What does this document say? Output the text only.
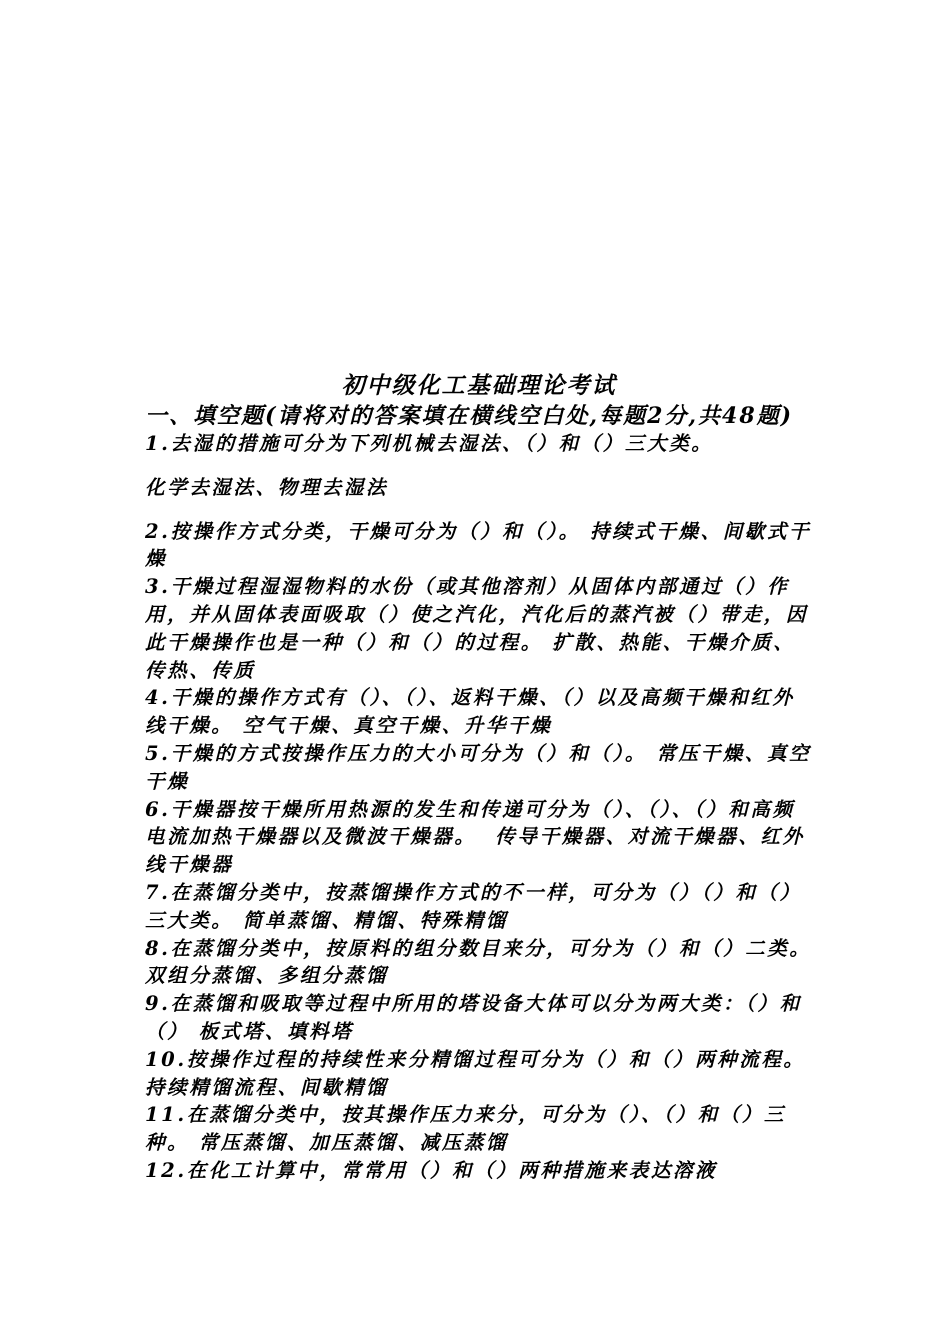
初中级化工基础理论考试

一、填空题(请将对的答案填在横线空白处,每题2分,共48题)

1.去湿的措施可分为下列机械去湿法、（）和（）三大类。

化学去湿法、物理去湿法

2.按操作方式分类，干燥可分为（）和（）。 持续式干燥、间歇式干燥

3.干燥过程湿湿物料的水份（或其他溶剂）从固体内部通过（）作用，并从固体表面吸取（）使之汽化，汽化后的蒸汽被（）带走，因此干燥操作也是一种（）和（）的过程。 扩散、热能、干燥介质、传热、传质

4.干燥的操作方式有（）、（）、返料干燥、（）以及高频干燥和红外线干燥。 空气干燥、真空干燥、升华干燥

5.干燥的方式按操作压力的大小可分为（）和（）。 常压干燥、真空干燥

6.干燥器按干燥所用热源的发生和传递可分为（）、（）、（）和高频电流加热干燥器以及微波干燥器。  传导干燥器、对流干燥器、红外线干燥器

7.在蒸馏分类中，按蒸馏操作方式的不一样，可分为（）（）和（）三大类。 简单蒸馏、精馏、特殊精馏

8.在蒸馏分类中，按原料的组分数目来分，可分为（）和（）二类。 双组分蒸馏、多组分蒸馏

9.在蒸馏和吸取等过程中所用的塔设备大体可以分为两大类：（）和（） 板式塔、填料塔

10.按操作过程的持续性来分精馏过程可分为（）和（）两种流程。 持续精馏流程、间歇精馏

11.在蒸馏分类中，按其操作压力来分，可分为（）、（）和（）三种。 常压蒸馏、加压蒸馏、减压蒸馏

12.在化工计算中，常常用（）和（）两种措施来表达溶液
